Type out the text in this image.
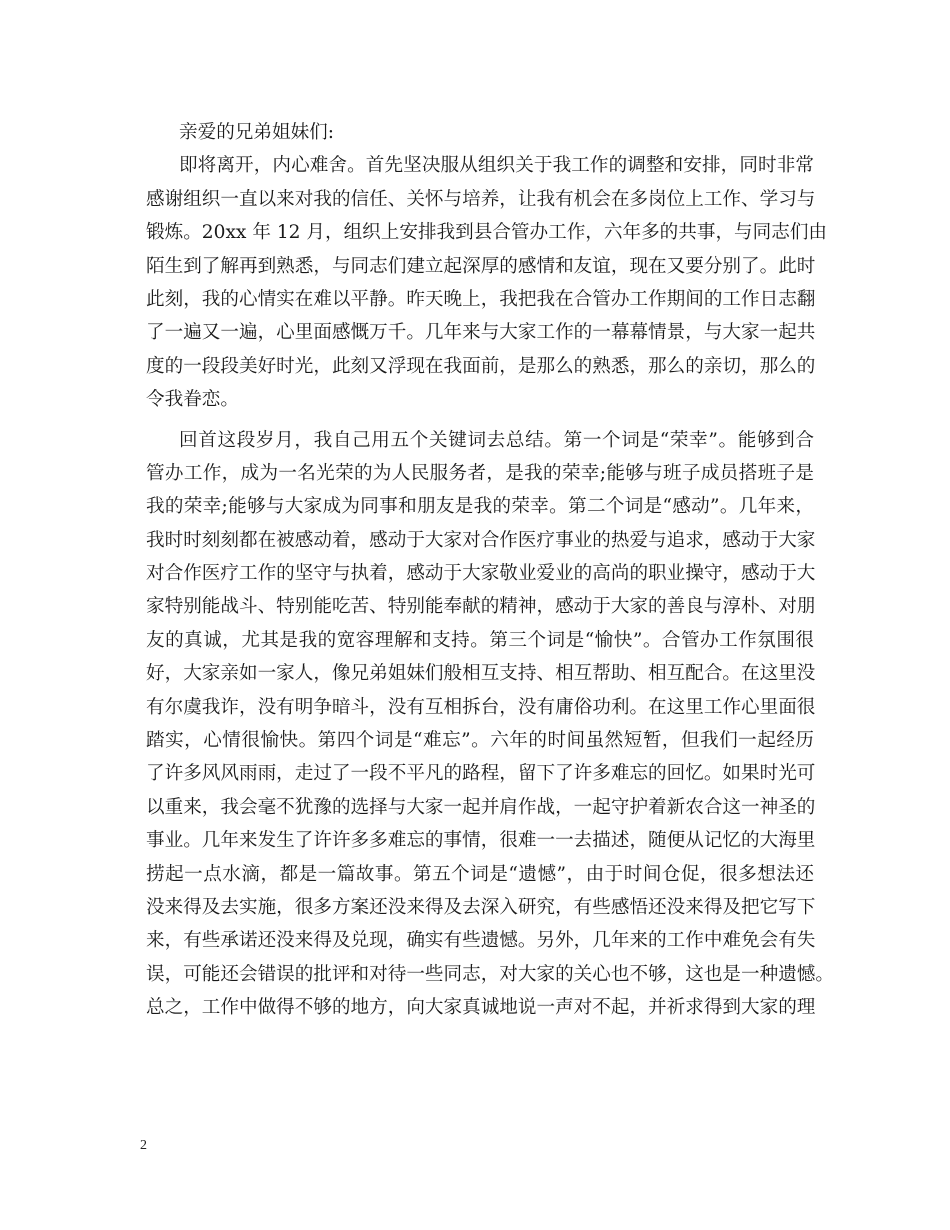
亲爱的兄弟姐妹们:
即将离开，内心难舍。首先坚决服从组织关于我工作的调整和安排，同时非常
感谢组织一直以来对我的信任、关怀与培养，让我有机会在多岗位上工作、学习与
锻炼。20xx 年 12 月，组织上安排我到县合管办工作，六年多的共事，与同志们由
陌生到了解再到熟悉，与同志们建立起深厚的感情和友谊，现在又要分别了。此时
此刻，我的心情实在难以平静。昨天晚上，我把我在合管办工作期间的工作日志翻
了一遍又一遍，心里面感慨万千。几年来与大家工作的一幕幕情景，与大家一起共
度的一段段美好时光，此刻又浮现在我面前，是那么的熟悉，那么的亲切，那么的
令我眷恋。
回首这段岁月，我自己用五个关键词去总结。第一个词是“荣幸”。能够到合
管办工作，成为一名光荣的为人民服务者，是我的荣幸;能够与班子成员搭班子是
我的荣幸;能够与大家成为同事和朋友是我的荣幸。第二个词是“感动”。几年来，
我时时刻刻都在被感动着，感动于大家对合作医疗事业的热爱与追求，感动于大家
对合作医疗工作的坚守与执着，感动于大家敬业爱业的高尚的职业操守，感动于大
家特别能战斗、特别能吃苦、特别能奉献的精神，感动于大家的善良与淳朴、对朋
友的真诚，尤其是我的宽容理解和支持。第三个词是“愉快”。合管办工作氛围很
好，大家亲如一家人，像兄弟姐妹们般相互支持、相互帮助、相互配合。在这里没
有尔虞我诈，没有明争暗斗，没有互相拆台，没有庸俗功利。在这里工作心里面很
踏实，心情很愉快。第四个词是“难忘”。六年的时间虽然短暂，但我们一起经历
了许多风风雨雨，走过了一段不平凡的路程，留下了许多难忘的回忆。如果时光可
以重来，我会毫不犹豫的选择与大家一起并肩作战，一起守护着新农合这一神圣的
事业。几年来发生了许许多多难忘的事情，很难一一去描述，随便从记忆的大海里
捞起一点水滴，都是一篇故事。第五个词是“遗憾”，由于时间仓促，很多想法还
没来得及去实施，很多方案还没来得及去深入研究，有些感悟还没来得及把它写下
来，有些承诺还没来得及兑现，确实有些遗憾。另外，几年来的工作中难免会有失
误，可能还会错误的批评和对待一些同志，对大家的关心也不够，这也是一种遗憾。
总之，工作中做得不够的地方，向大家真诚地说一声对不起，并祈求得到大家的理
2
